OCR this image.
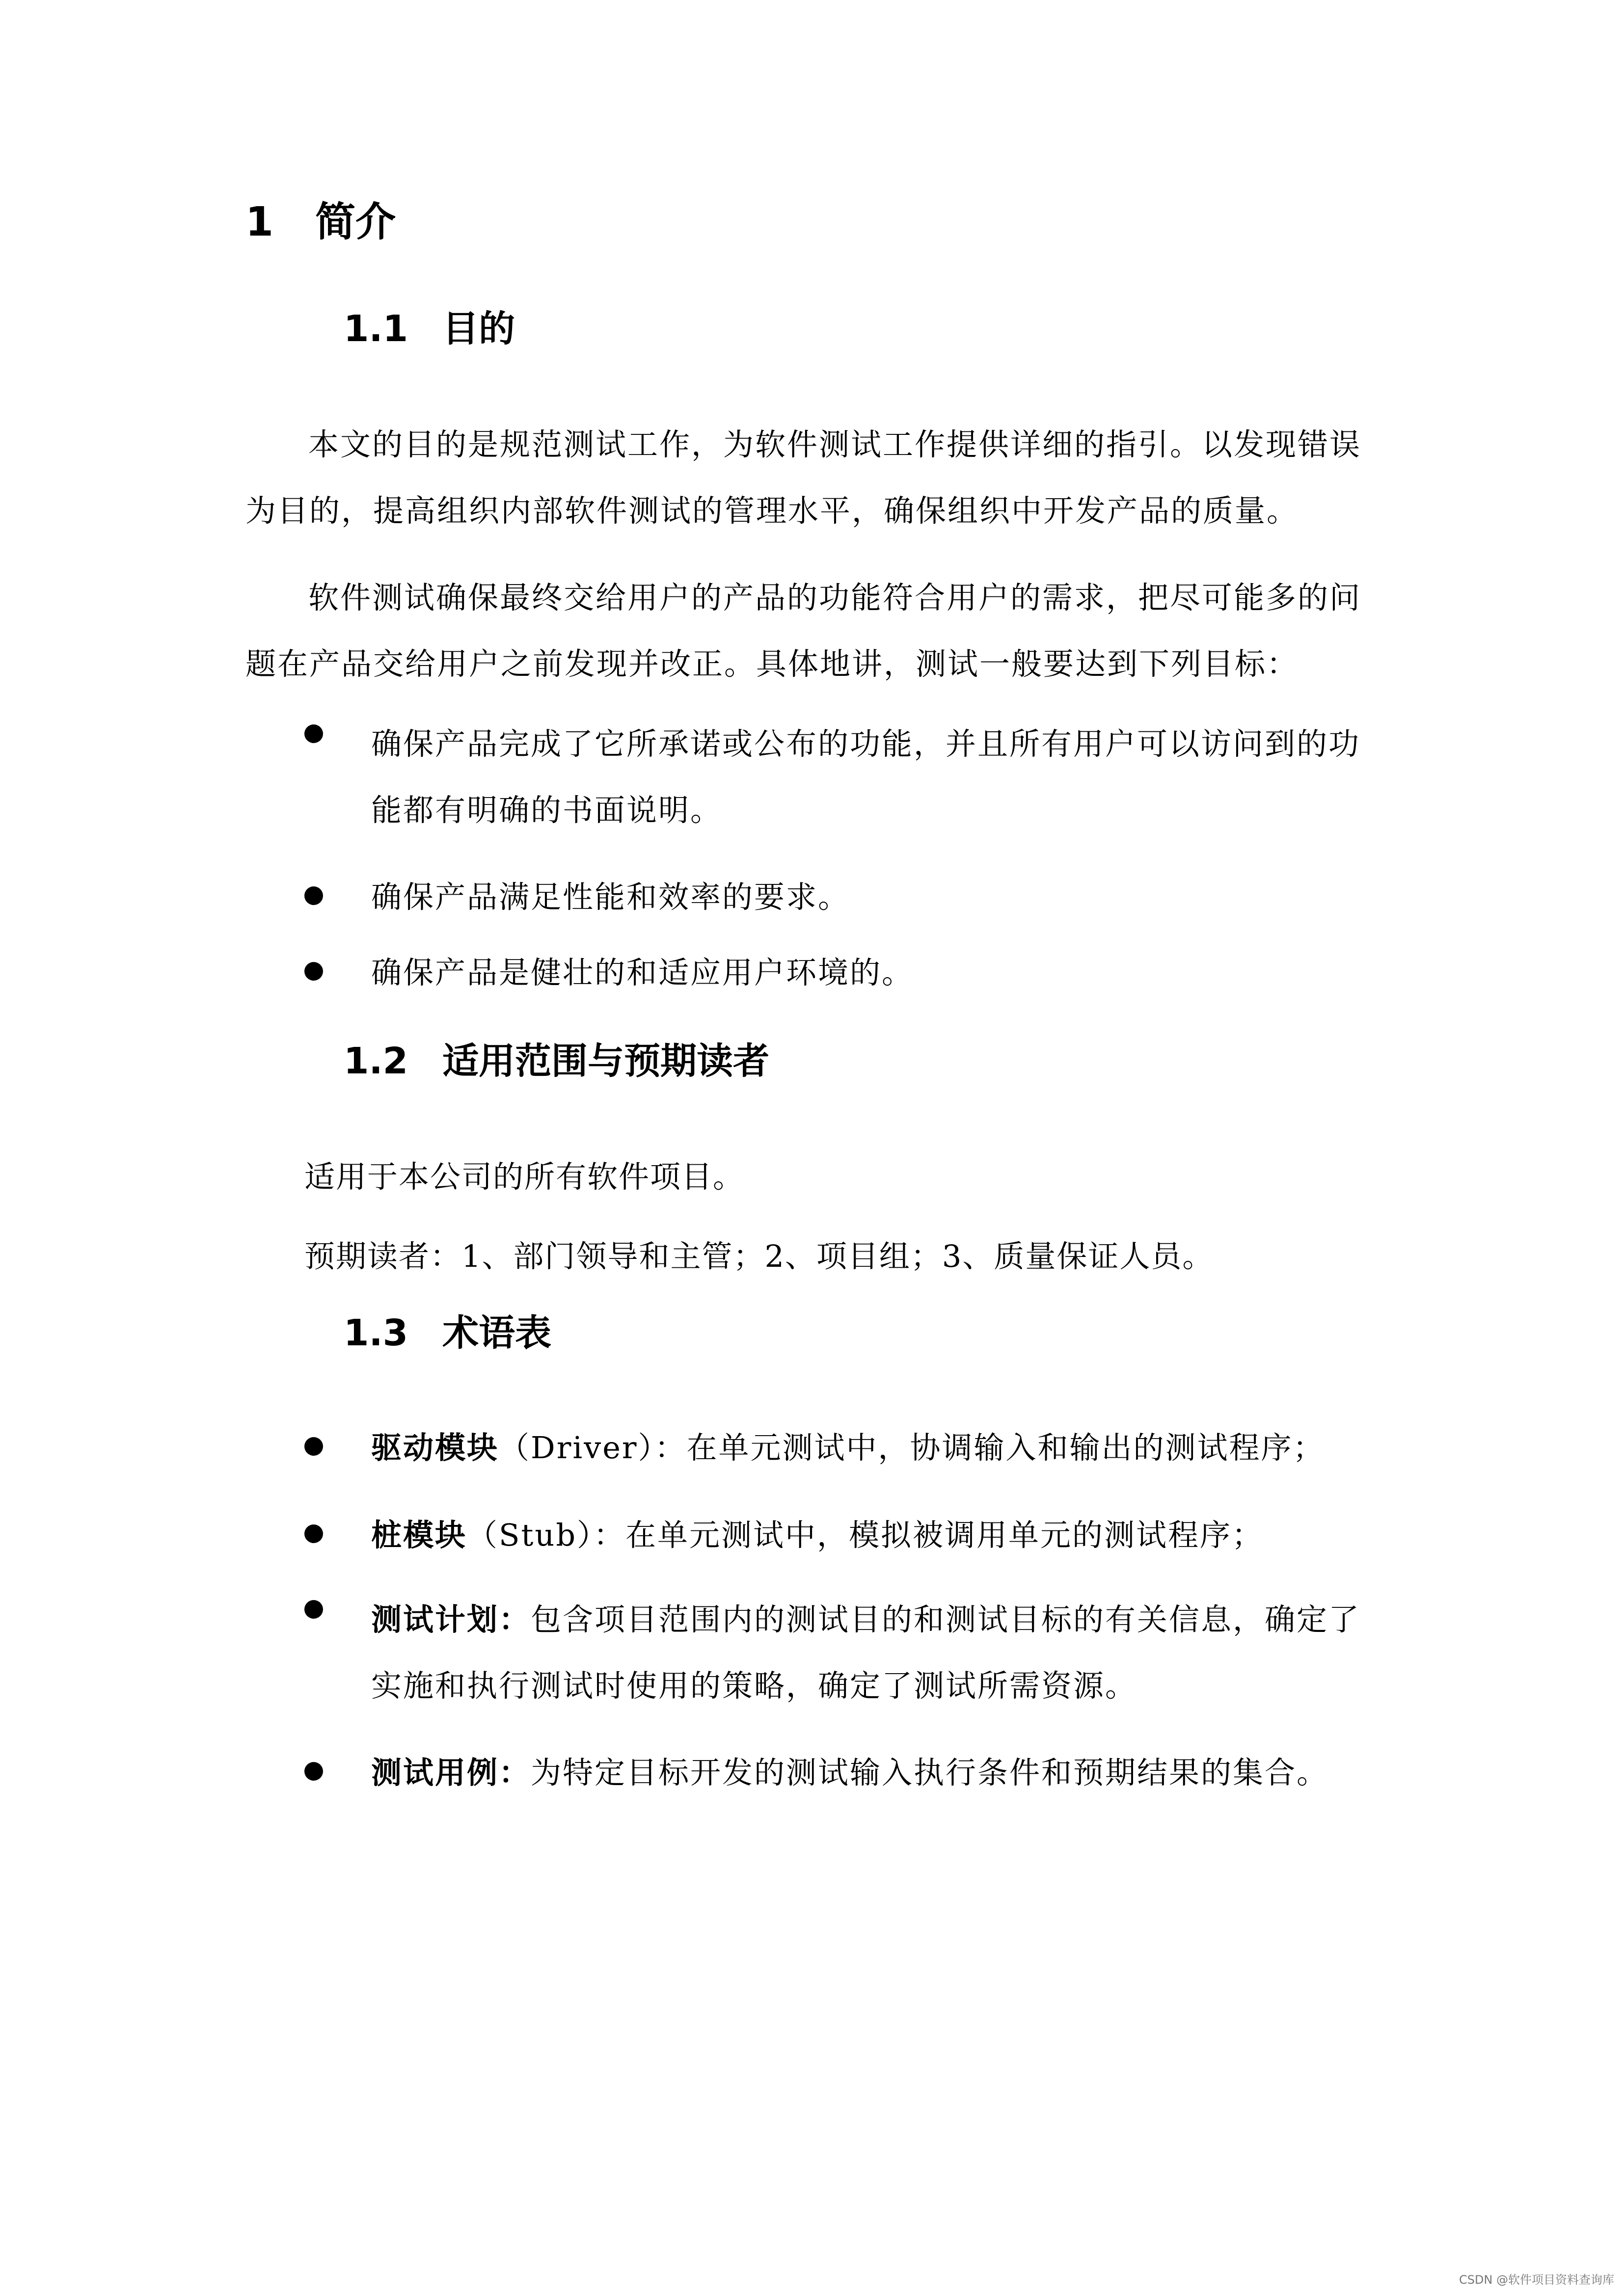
1 简介
1.1 目的

本文的目的是规范测试工作，为软件测试工作提供详细的指引。以发现错误为目的，提高组织内部软件测试的管理水平，确保组织中开发产品的质量。

软件测试确保最终交给用户的产品的功能符合用户的需求，把尽可能多的问题在产品交给用户之前发现并改正。具体地讲，测试一般要达到下列目标：

确保产品完成了它所承诺或公布的功能，并且所有用户可以访问到的功能都有明确的书面说明。

确保产品满足性能和效率的要求。

确保产品是健壮的和适应用户环境的。

1.2 适用范围与预期读者
适用于本公司的所有软件项目。
预期读者：1、部门领导和主管；2、项目组；3、质量保证人员。
1.3 术语表

驱动模块（Driver）：在单元测试中，协调输入和输出的测试程序；

桩模块（Stub）：在单元测试中，模拟被调用单元的测试程序；

测试计划：包含项目范围内的测试目的和测试目标的有关信息，确定了实施和执行测试时使用的策略，确定了测试所需资源。

测试用例：为特定目标开发的测试输入执行条件和预期结果的集合。

CSDN @软件项目资料查询库
